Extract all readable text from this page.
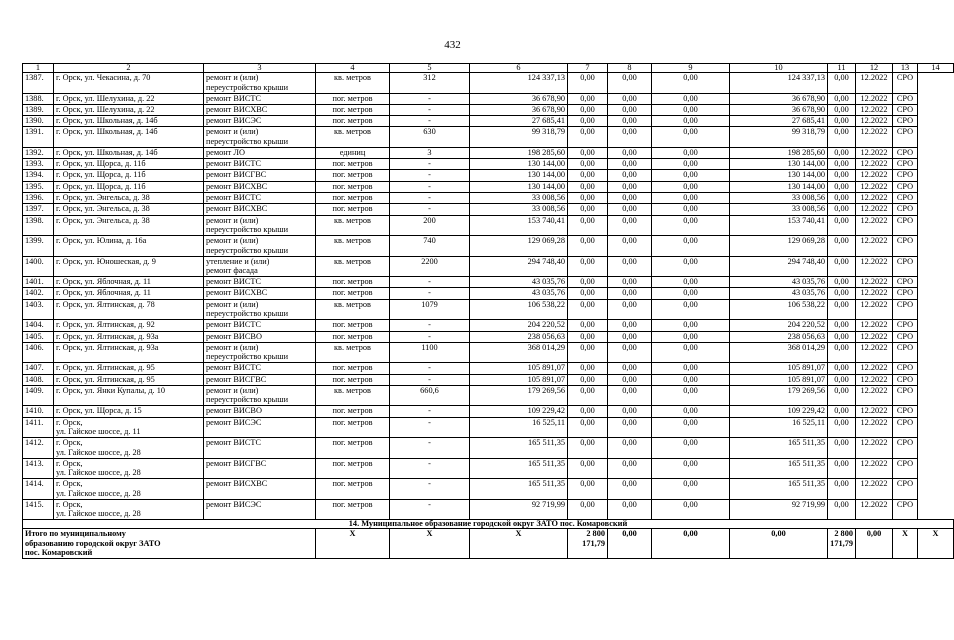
432
1	2	3	4	5	6	7	8	9	10	11	12	13	14
1387.	г. Орск, ул. Чекасина, д. 70	ремонт и (или)
переустройство крыши	кв. метров	312	124 337,13	0,00	0,00	0,00	124 337,13	0,00	12.2022	СРО	
1388.	г. Орск, ул. Шелухина, д. 22	ремонт ВИСТС	пог. метров	-	36 678,90	0,00	0,00	0,00	36 678,90	0,00	12.2022	СРО	
1389.	г. Орск, ул. Шелухина, д. 22	ремонт ВИСХВС	пог. метров	-	36 678,90	0,00	0,00	0,00	36 678,90	0,00	12.2022	СРО	
1390.	г. Орск, ул. Школьная, д. 14б	ремонт ВИСЭС	пог. метров	-	27 685,41	0,00	0,00	0,00	27 685,41	0,00	12.2022	СРО	
1391.	г. Орск, ул. Школьная, д. 14б	ремонт и (или)
переустройство крыши	кв. метров	630	99 318,79	0,00	0,00	0,00	99 318,79	0,00	12.2022	СРО	
1392.	г. Орск, ул. Школьная, д. 14б	ремонт ЛО	единиц	3	198 285,60	0,00	0,00	0,00	198 285,60	0,00	12.2022	СРО	
1393.	г. Орск, ул. Щорса, д. 11б	ремонт ВИСТС	пог. метров	-	130 144,00	0,00	0,00	0,00	130 144,00	0,00	12.2022	СРО	
1394.	г. Орск, ул. Щорса, д. 11б	ремонт ВИСГВС	пог. метров	-	130 144,00	0,00	0,00	0,00	130 144,00	0,00	12.2022	СРО	
1395.	г. Орск, ул. Щорса, д. 11б	ремонт ВИСХВС	пог. метров	-	130 144,00	0,00	0,00	0,00	130 144,00	0,00	12.2022	СРО	
1396.	г. Орск, ул. Энгельса, д. 38	ремонт ВИСТС	пог. метров	-	33 008,56	0,00	0,00	0,00	33 008,56	0,00	12.2022	СРО	
1397.	г. Орск, ул. Энгельса, д. 38	ремонт ВИСХВС	пог. метров	-	33 008,56	0,00	0,00	0,00	33 008,56	0,00	12.2022	СРО	
1398.	г. Орск, ул. Энгельса, д. 38	ремонт и (или)
переустройство крыши	кв. метров	200	153 740,41	0,00	0,00	0,00	153 740,41	0,00	12.2022	СРО	
1399.	г. Орск, ул. Юлина, д. 16а	ремонт и (или)
переустройство крыши	кв. метров	740	129 069,28	0,00	0,00	0,00	129 069,28	0,00	12.2022	СРО	
1400.	г. Орск, ул. Юношеская, д. 9	утепление и (или)
ремонт фасада	кв. метров	2200	294 748,40	0,00	0,00	0,00	294 748,40	0,00	12.2022	СРО	
1401.	г. Орск, ул. Яблочная, д. 11	ремонт ВИСТС	пог. метров	-	43 035,76	0,00	0,00	0,00	43 035,76	0,00	12.2022	СРО	
1402.	г. Орск, ул. Яблочная, д. 11	ремонт ВИСХВС	пог. метров	-	43 035,76	0,00	0,00	0,00	43 035,76	0,00	12.2022	СРО	
1403.	г. Орск, ул. Ялтинская, д. 78	ремонт и (или)
переустройство крыши	кв. метров	1079	106 538,22	0,00	0,00	0,00	106 538,22	0,00	12.2022	СРО	
1404.	г. Орск, ул. Ялтинская, д. 92	ремонт ВИСТС	пог. метров	-	204 220,52	0,00	0,00	0,00	204 220,52	0,00	12.2022	СРО	
1405.	г. Орск, ул. Ялтинская, д. 93а	ремонт ВИСВО	пог. метров	-	238 056,63	0,00	0,00	0,00	238 056,63	0,00	12.2022	СРО	
1406.	г. Орск, ул. Ялтинская, д. 93а	ремонт и (или)
переустройство крыши	кв. метров	1100	368 014,29	0,00	0,00	0,00	368 014,29	0,00	12.2022	СРО	
1407.	г. Орск, ул. Ялтинская, д. 95	ремонт ВИСТС	пог. метров	-	105 891,07	0,00	0,00	0,00	105 891,07	0,00	12.2022	СРО	
1408.	г. Орск, ул. Ялтинская, д. 95	ремонт ВИСГВС	пог. метров	-	105 891,07	0,00	0,00	0,00	105 891,07	0,00	12.2022	СРО	
1409.	г. Орск, ул. Янки Купалы, д. 10	ремонт и (или)
переустройство крыши	кв. метров	660,6	179 269,56	0,00	0,00	0,00	179 269,56	0,00	12.2022	СРО	
1410.	г. Орск, ул. Щорса, д. 15	ремонт ВИСВО	пог. метров	-	109 229,42	0,00	0,00	0,00	109 229,42	0,00	12.2022	СРО	
1411.	г. Орск,
ул. Гайское шоссе, д. 11	ремонт ВИСЭС	пог. метров	-	16 525,11	0,00	0,00	0,00	16 525,11	0,00	12.2022	СРО	
1412.	г. Орск,
ул. Гайское шоссе, д. 28	ремонт ВИСТС	пог. метров	-	165 511,35	0,00	0,00	0,00	165 511,35	0,00	12.2022	СРО	
1413.	г. Орск,
ул. Гайское шоссе, д. 28	ремонт ВИСГВС	пог. метров	-	165 511,35	0,00	0,00	0,00	165 511,35	0,00	12.2022	СРО	
1414.	г. Орск,
ул. Гайское шоссе, д. 28	ремонт ВИСХВС	пог. метров	-	165 511,35	0,00	0,00	0,00	165 511,35	0,00	12.2022	СРО	
1415.	г. Орск,
ул. Гайское шоссе, д. 28	ремонт ВИСЭС	пог. метров	-	92 719,99	0,00	0,00	0,00	92 719,99	0,00	12.2022	СРО	
14. Муниципальное образование городской округ ЗАТО пос. Комаровский													
Итого по муниципальному
образованию городской округ ЗАТО
пос. Комаровский			X	X	X	2 800 171,79	0,00	0,00	0,00	2 800 171,79	0,00	X	X
